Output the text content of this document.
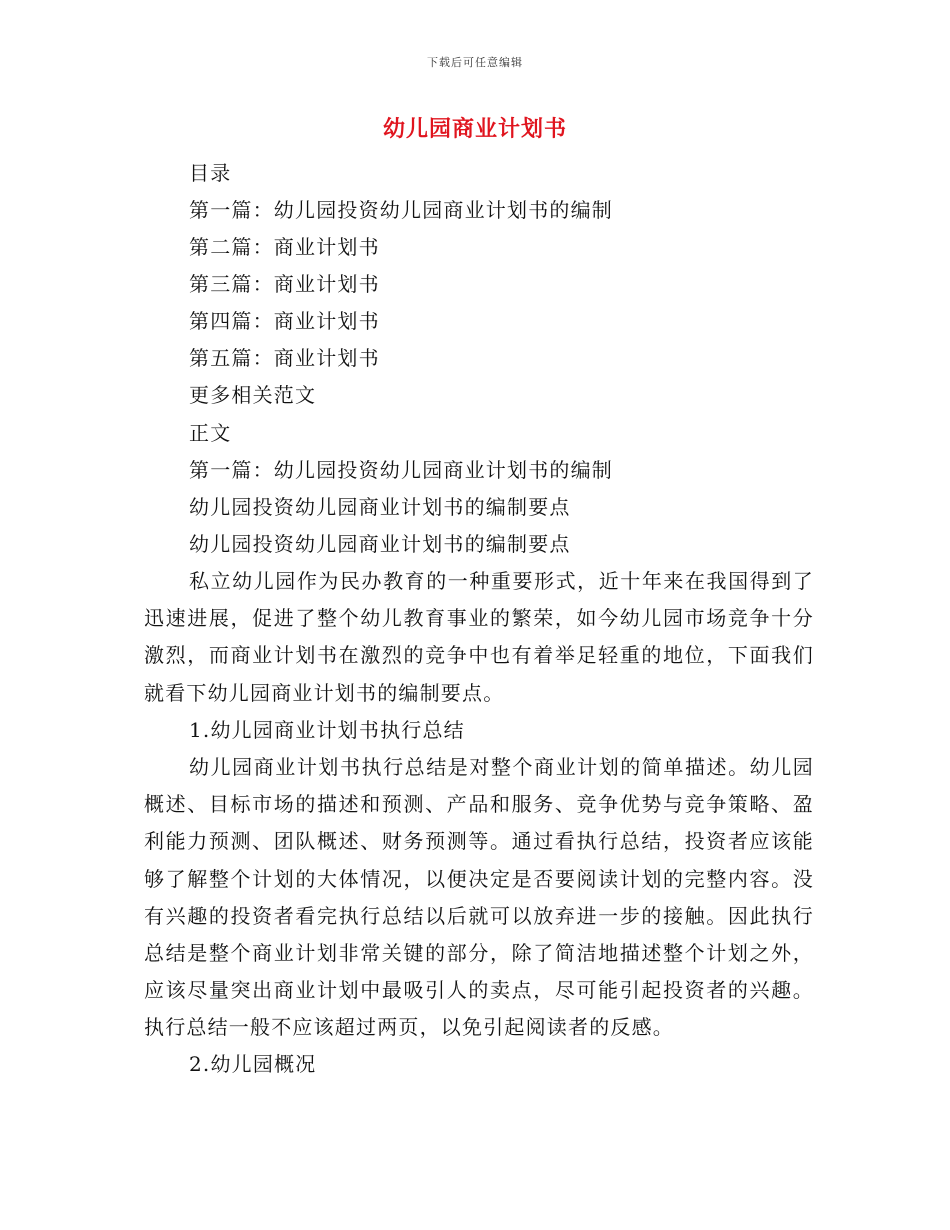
下载后可任意编辑
幼儿园商业计划书
目录
第一篇：幼儿园投资幼儿园商业计划书的编制
第二篇：商业计划书
第三篇：商业计划书
第四篇：商业计划书
第五篇：商业计划书
更多相关范文
正文
第一篇：幼儿园投资幼儿园商业计划书的编制
幼儿园投资幼儿园商业计划书的编制要点
幼儿园投资幼儿园商业计划书的编制要点
私立幼儿园作为民办教育的一种重要形式，近十年来在我国得到了迅速进展，促进了整个幼儿教育事业的繁荣，如今幼儿园市场竞争十分激烈，而商业计划书在激烈的竞争中也有着举足轻重的地位，下面我们就看下幼儿园商业计划书的编制要点。
1.幼儿园商业计划书执行总结
幼儿园商业计划书执行总结是对整个商业计划的简单描述。幼儿园概述、目标市场的描述和预测、产品和服务、竞争优势与竞争策略、盈利能力预测、团队概述、财务预测等。通过看执行总结，投资者应该能够了解整个计划的大体情况，以便决定是否要阅读计划的完整内容。没有兴趣的投资者看完执行总结以后就可以放弃进一步的接触。因此执行总结是整个商业计划非常关键的部分，除了简洁地描述整个计划之外，应该尽量突出商业计划中最吸引人的卖点，尽可能引起投资者的兴趣。执行总结一般不应该超过两页，以免引起阅读者的反感。
2.幼儿园概况
